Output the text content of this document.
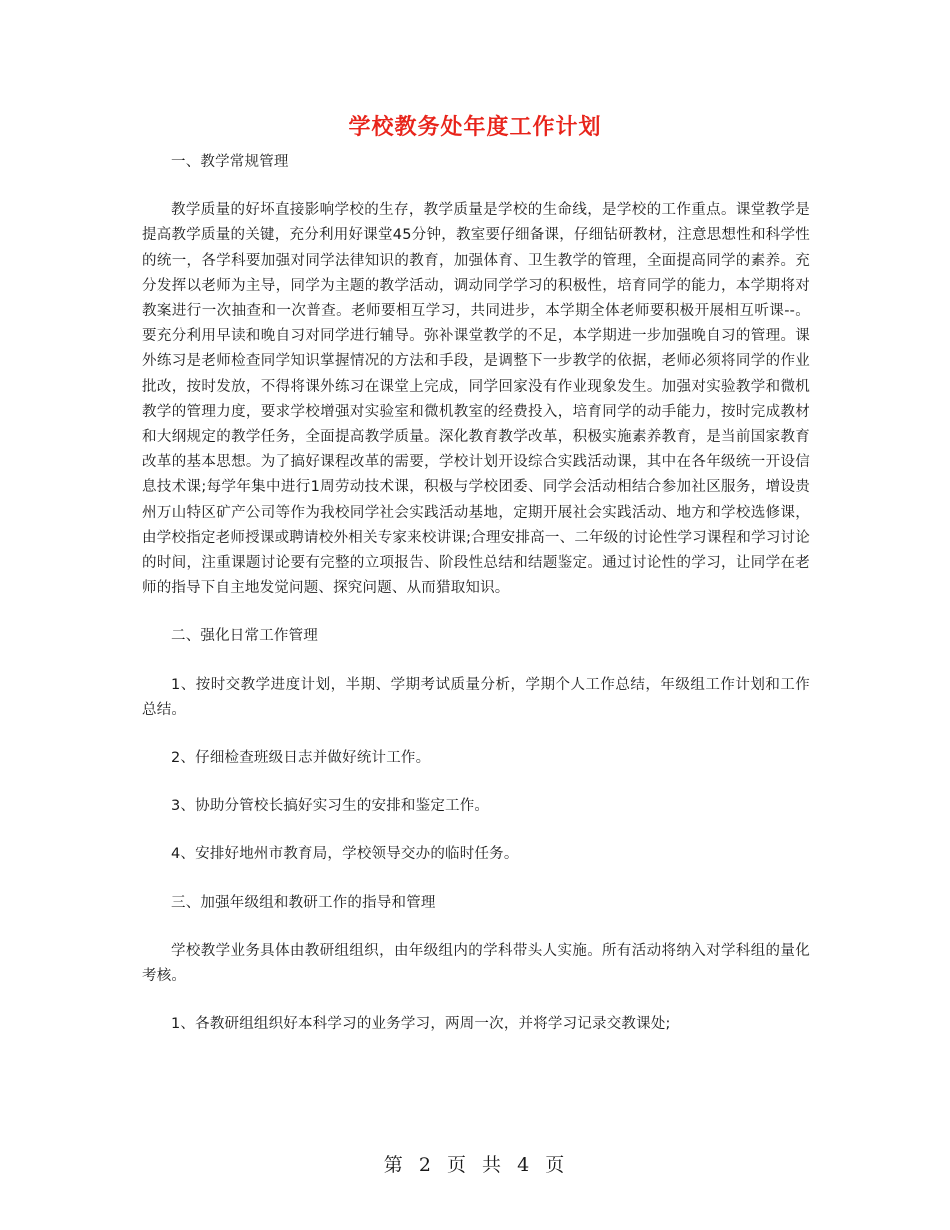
学校教务处年度工作计划

一、教学常规管理

教学质量的好坏直接影响学校的生存，教学质量是学校的生命线，是学校的工作重点。课堂教学是提高教学质量的关键，充分利用好课堂45分钟，教室要仔细备课，仔细钻研教材，注意思想性和科学性的统一，各学科要加强对同学法律知识的教育，加强体育、卫生教学的管理，全面提高同学的素养。充分发挥以老师为主导，同学为主题的教学活动，调动同学学习的积极性，培育同学的能力，本学期将对教案进行一次抽查和一次普查。老师要相互学习，共同进步，本学期全体老师要积极开展相互听课--。要充分利用早读和晚自习对同学进行辅导。弥补课堂教学的不足，本学期进一步加强晚自习的管理。课外练习是老师检查同学知识掌握情况的方法和手段，是调整下一步教学的依据，老师必须将同学的作业批改，按时发放，不得将课外练习在课堂上完成，同学回家没有作业现象发生。加强对实验教学和微机教学的管理力度，要求学校增强对实验室和微机教室的经费投入，培育同学的动手能力，按时完成教材和大纲规定的教学任务，全面提高教学质量。深化教育教学改革，积极实施素养教育，是当前国家教育改革的基本思想。为了搞好课程改革的需要，学校计划开设综合实践活动课，其中在各年级统一开设信息技术课;每学年集中进行1周劳动技术课，积极与学校团委、同学会活动相结合参加社区服务，增设贵州万山特区矿产公司等作为我校同学社会实践活动基地，定期开展社会实践活动、地方和学校选修课，由学校指定老师授课或聘请校外相关专家来校讲课;合理安排高一、二年级的讨论性学习课程和学习讨论的时间，注重课题讨论要有完整的立项报告、阶段性总结和结题鉴定。通过讨论性的学习，让同学在老师的指导下自主地发觉问题、探究问题、从而猎取知识。

二、强化日常工作管理

1、按时交教学进度计划，半期、学期考试质量分析，学期个人工作总结，年级组工作计划和工作总结。

2、仔细检查班级日志并做好统计工作。

3、协助分管校长搞好实习生的安排和鉴定工作。

4、安排好地州市教育局，学校领导交办的临时任务。

三、加强年级组和教研工作的指导和管理

学校教学业务具体由教研组组织，由年级组内的学科带头人实施。所有活动将纳入对学科组的量化考核。

1、各教研组组织好本科学习的业务学习，两周一次，并将学习记录交教课处;

第 2 页 共 4 页
